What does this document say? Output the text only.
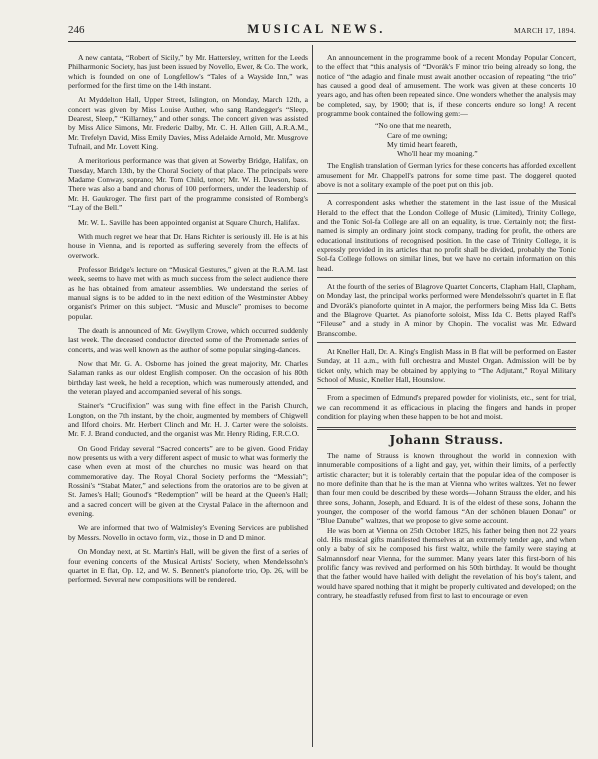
246	MUSICAL NEWS.	MARCH 17, 1894.

A new cantata, “Robert of Sicily,” by Mr. Hattersley, written for the Leeds Philharmonic Society, has just been issued by Novello, Ewer, & Co. The work, which is founded on one of Longfellow's “Tales of a Wayside Inn,” was performed for the first time on the 14th instant.

At Myddelton Hall, Upper Street, Islington, on Monday, March 12th, a concert was given by Miss Louise Auther, who sang Randegger's “Sleep, Dearest, Sleep,” “Killarney,” and other songs. The concert given was assisted by Miss Alice Simons, Mr. Frederic Dalby, Mr. C. H. Allen Gill, A.R.A.M., Mr. Trefelyn David, Miss Emily Davies, Miss Adelaide Arnold, Mr. Musgrove Tufnail, and Mr. Lovett King.

A meritorious performance was that given at Sowerby Bridge, Halifax, on Tuesday, March 13th, by the Choral Society of that place. The principals were Madame Conway, soprano; Mr. Tom Child, tenor; Mr. W. H. Dawson, bass. There was also a band and chorus of 100 performers, under the leadership of Mr. H. Gaukroger. The first part of the programme consisted of Romberg's “Lay of the Bell.”

Mr. W. L. Saville has been appointed organist at Square Church, Halifax.

With much regret we hear that Dr. Hans Richter is seriously ill. He is at his house in Vienna, and is reported as suffering severely from the effects of overwork.

Professor Bridge's lecture on “Musical Gestures,” given at the R.A.M. last week, seems to have met with as much success from the select audience there as he has obtained from amateur assemblies. We understand the series of manual signs is to be added to in the next edition of the Westminster Abbey organist's Primer on this subject. “Music and Muscle” promises to become popular.

The death is announced of Mr. Gwyllym Crowe, which occurred suddenly last week. The deceased conductor directed some of the Promenade series of concerts, and was well known as the author of some popular singing-dances.

Now that Mr. G. A. Osborne has joined the great majority, Mr. Charles Salaman ranks as our oldest English composer. On the occasion of his 80th birthday last week, he held a reception, which was numerously attended, and the veteran played and accompanied several of his songs.

Stainer's “Crucifixion” was sung with fine effect in the Parish Church, Longton, on the 7th instant, by the choir, augmented by members of Chigwell and Ilford choirs. Mr. Herbert Clinch and Mr. H. J. Carter were the soloists. Mr. F. J. Brand conducted, and the organist was Mr. Henry Riding, F.R.C.O.

On Good Friday several “Sacred concerts” are to be given. Good Friday now presents us with a very different aspect of music to what was formerly the case when even at most of the churches no music was heard on that commemorative day. The Royal Choral Society performs the “Messiah”; Rossini's “Stabat Mater,” and selections from the oratorios are to be given at St. James's Hall; Gounod's “Redemption” will be heard at the Queen's Hall; and a sacred concert will be given at the Crystal Palace in the afternoon and evening.

We are informed that two of Walmisley's Evening Services are published by Messrs. Novello in octavo form, viz., those in D and D minor.

On Monday next, at St. Martin's Hall, will be given the first of a series of four evening concerts of the Musical Artists' Society, when Mendelssohn's quartet in E flat, Op. 12, and W. S. Bennett's pianoforte trio, Op. 26, will be performed. Several new compositions will be rendered.

An announcement in the programme book of a recent Monday Popular Concert, to the effect that “this analysis of “Dvorák's F minor trio being already so long, the notice of “the adagio and finale must await another occasion of repeating “the trio” has caused a good deal of amusement. The work was given at these concerts 10 years ago, and has often been repeated since. One wonders whether the analysis may be completed, say, by 1900; that is, if these concerts endure so long! A recent programme book contained the following gem:—

“No one that me neareth,
Care of me owning;
My timid heart feareth,
Who'll hear my moaning.”

The English translation of German lyrics for these concerts has afforded excellent amusement for Mr. Chappell's patrons for some time past. The doggerel quoted above is not a solitary example of the poet put on this job.

A correspondent asks whether the statement in the last issue of the Musical Herald to the effect that the London College of Music (Limited), Trinity College, and the Tonic Sol-fa College are all on an equality, is true. Certainly not; the first-named is simply an ordinary joint stock company, trading for profit, the others are educational institutions of recognised position. In the case of Trinity College, it is expressly provided in its articles that no profit shall be divided, probably the Tonic Sol-fa College follows on similar lines, but we have no certain information on this head.

At the fourth of the series of Blagrove Quartet Concerts, Clapham Hall, Clapham, on Monday last, the principal works performed were Mendelssohn's quartet in E flat and Dvorák's pianoforte quintet in A major, the performers being Miss Ida C. Betts and the Blagrove Quartet. As pianoforte soloist, Miss Ida C. Betts played Raff's “Fileuse” and a study in A minor by Chopin. The vocalist was Mr. Edward Branscombe.

At Kneller Hall, Dr. A. King's English Mass in B flat will be performed on Easter Sunday, at 11 a.m., with full orchestra and Mustel Organ. Admission will be by ticket only, which may be obtained by applying to “The Adjutant,” Royal Military School of Music, Kneller Hall, Hounslow.

From a specimen of Edmund's prepared powder for violinists, etc., sent for trial, we can recommend it as efficacious in placing the fingers and hands in proper condition for playing when these happen to be hot and moist.

Johann Strauss.

The name of Strauss is known throughout the world in connexion with innumerable compositions of a light and gay, yet, within their limits, of a perfectly artistic character; but it is tolerably certain that the popular idea of the composer is no more definite than that he is the man at Vienna who writes waltzes. Yet no fewer than four men could be described by these words—Johann Strauss the elder, and his three sons, Johann, Joseph, and Eduard. It is of the eldest of these sons, Johann the younger, the composer of the world famous “An der schönen blauen Donau” or “Blue Danube” waltzes, that we propose to give some account.

He was born at Vienna on 25th October 1825, his father being then not 22 years old. His musical gifts manifested themselves at an extremely tender age, and when only a baby of six he composed his first waltz, while the family were staying at Salmannsdorf near Vienna, for the summer. Many years later this first-born of his prolific fancy was revived and performed on his 50th birthday. It would be thought that the father would have hailed with delight the revelation of his boy's talent, and would have spared nothing that it might be properly cultivated and developed; on the contrary, he steadfastly refused from first to last to encourage or even
